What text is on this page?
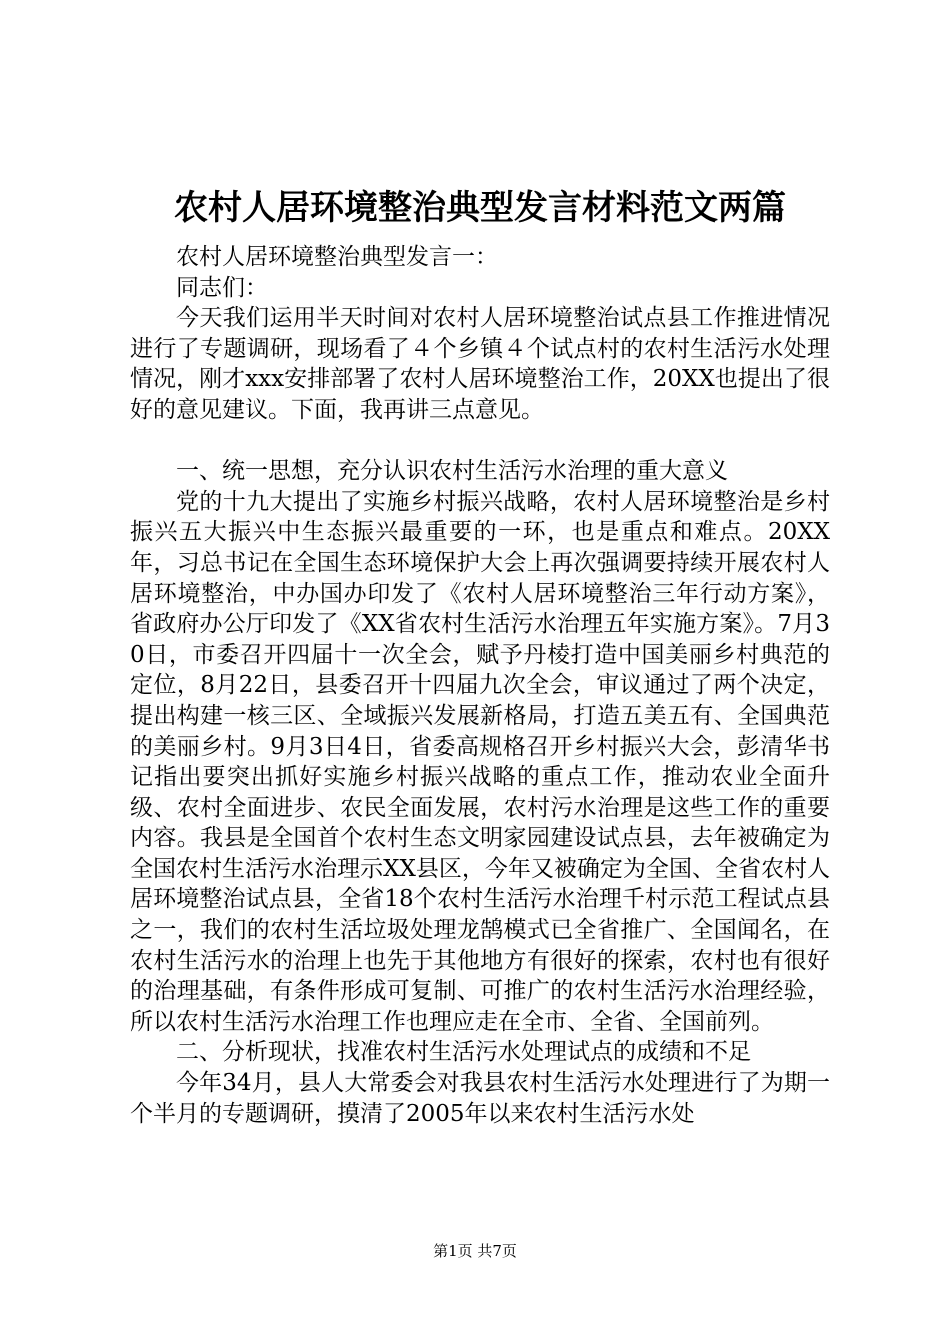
农村人居环境整治典型发言材料范文两篇

农村人居环境整治典型发言一：

同志们：

今天我们运用半天时间对农村人居环境整治试点县工作推进情况进行了专题调研，现场看了４个乡镇４个试点村的农村生活污水处理情况，刚才xxx安排部署了农村人居环境整治工作，20XX也提出了很好的意见建议。下面，我再讲三点意见。

一、统一思想，充分认识农村生活污水治理的重大意义

党的十九大提出了实施乡村振兴战略，农村人居环境整治是乡村振兴五大振兴中生态振兴最重要的一环，也是重点和难点。20XX年，习总书记在全国生态环境保护大会上再次强调要持续开展农村人居环境整治，中办国办印发了《农村人居环境整治三年行动方案》，省政府办公厅印发了《XX省农村生活污水治理五年实施方案》。7月30日，市委召开四届十一次全会，赋予丹棱打造中国美丽乡村典范的定位，8月22日，县委召开十四届九次全会，审议通过了两个决定，提出构建一核三区、全域振兴发展新格局，打造五美五有、全国典范的美丽乡村。9月3日4日，省委高规格召开乡村振兴大会，彭清华书记指出要突出抓好实施乡村振兴战略的重点工作，推动农业全面升级、农村全面进步、农民全面发展，农村污水治理是这些工作的重要内容。我县是全国首个农村生态文明家园建设试点县，去年被确定为全国农村生活污水治理示XX县区，今年又被确定为全国、全省农村人居环境整治试点县，全省18个农村生活污水治理千村示范工程试点县之一，我们的农村生活垃圾处理龙鹄模式已全省推广、全国闻名，在农村生活污水的治理上也先于其他地方有很好的探索，农村也有很好的治理基础，有条件形成可复制、可推广的农村生活污水治理经验，所以农村生活污水治理工作也理应走在全市、全省、全国前列。

二、分析现状，找准农村生活污水处理试点的成绩和不足

今年34月，县人大常委会对我县农村生活污水处理进行了为期一个半月的专题调研，摸清了2005年以来农村生活污水处

第1页 共7页
